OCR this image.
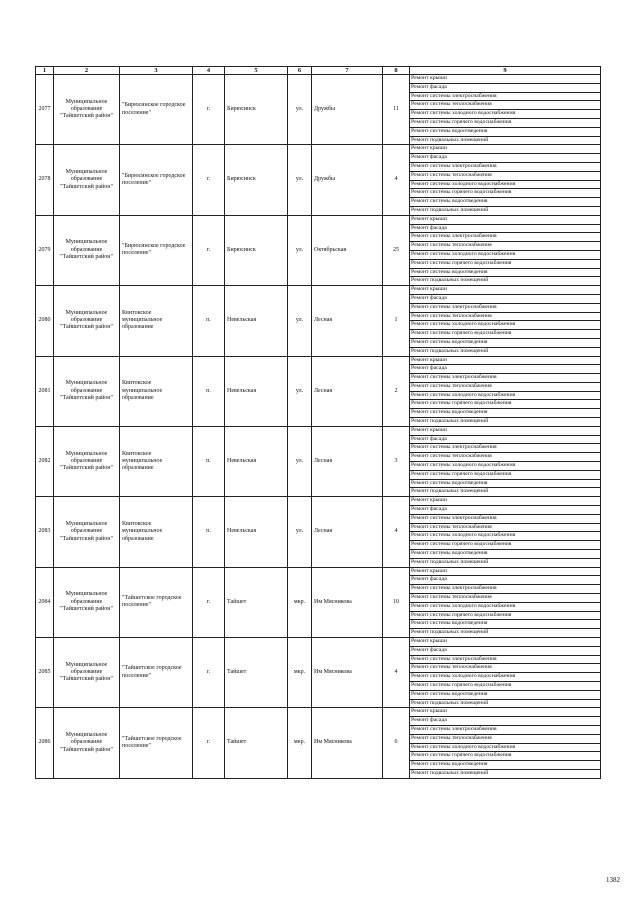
1	2	3	4	5	6	7	8	9
2077	Муниципальное образование "Тайшетский район"	"Бирюсинское городское поселение"	г.	Бирюсинск	ул.	Дружбы	11	Ремонт крыши
								Ремонт фасада
								Ремонт системы электроснабжения
								Ремонт системы теплоснабжения
								Ремонт системы холодного водоснабжения
								Ремонт системы горячего водоснабжения
								Ремонт системы водоотведения
								Ремонт подвальных помещений
2078	Муниципальное образование "Тайшетский район"	"Бирюсинское городское поселение"	г.	Бирюсинск	ул.	Дружбы	4	Ремонт крыши
								Ремонт фасада
								Ремонт системы электроснабжения
								Ремонт системы теплоснабжения
								Ремонт системы холодного водоснабжения
								Ремонт системы горячего водоснабжения
								Ремонт системы водоотведения
								Ремонт подвальных помещений
2079	Муниципальное образование "Тайшетский район"	"Бирюсинское городское поселение"	г.	Бирюсинск	ул.	Октябрьская	25	Ремонт крыши
								Ремонт фасада
								Ремонт системы электроснабжения
								Ремонт системы теплоснабжения
								Ремонт системы холодного водоснабжения
								Ремонт системы горячего водоснабжения
								Ремонт системы водоотведения
								Ремонт подвальных помещений
2080	Муниципальное образование "Тайшетский район"	Квитокское муниципальное образование	п.	Невельская	ул.	Лесная	1	Ремонт крыши
								Ремонт фасада
								Ремонт системы электроснабжения
								Ремонт системы теплоснабжения
								Ремонт системы холодного водоснабжения
								Ремонт системы горячего водоснабжения
								Ремонт системы водоотведения
								Ремонт подвальных помещений
2081	Муниципальное образование "Тайшетский район"	Квитокское муниципальное образование	п.	Невельская	ул.	Лесная	2	Ремонт крыши
								Ремонт фасада
								Ремонт системы электроснабжения
								Ремонт системы теплоснабжения
								Ремонт системы холодного водоснабжения
								Ремонт системы горячего водоснабжения
								Ремонт системы водоотведения
								Ремонт подвальных помещений
2082	Муниципальное образование "Тайшетский район"	Квитокское муниципальное образование	п.	Невельская	ул.	Лесная	3	Ремонт крыши
								Ремонт фасада
								Ремонт системы электроснабжения
								Ремонт системы теплоснабжения
								Ремонт системы холодного водоснабжения
								Ремонт системы горячего водоснабжения
								Ремонт системы водоотведения
								Ремонт подвальных помещений
2083	Муниципальное образование "Тайшетский район"	Квитокское муниципальное образование	п.	Невельская	ул.	Лесная	4	Ремонт крыши
								Ремонт фасада
								Ремонт системы электроснабжения
								Ремонт системы теплоснабжения
								Ремонт системы холодного водоснабжения
								Ремонт системы горячего водоснабжения
								Ремонт системы водоотведения
								Ремонт подвальных помещений
2084	Муниципальное образование "Тайшетский район"	"Тайшетское городское поселение"	г.	Тайшет	мкр.	Им Мясникова	10	Ремонт крыши
								Ремонт фасада
								Ремонт системы электроснабжения
								Ремонт системы теплоснабжения
								Ремонт системы холодного водоснабжения
								Ремонт системы горячего водоснабжения
								Ремонт системы водоотведения
								Ремонт подвальных помещений
2085	Муниципальное образование "Тайшетский район"	"Тайшетское городское поселение"	г.	Тайшет	мкр.	Им Мясникова	4	Ремонт крыши
								Ремонт фасада
								Ремонт системы электроснабжения
								Ремонт системы теплоснабжения
								Ремонт системы холодного водоснабжения
								Ремонт системы горячего водоснабжения
								Ремонт системы водоотведения
								Ремонт подвальных помещений
2086	Муниципальное образование "Тайшетский район"	"Тайшетское городское поселение"	г.	Тайшет	мкр.	Им Мясникова	6	Ремонт крыши
								Ремонт фасада
								Ремонт системы электроснабжения
								Ремонт системы теплоснабжения
								Ремонт системы холодного водоснабжения
								Ремонт системы горячего водоснабжения
								Ремонт системы водоотведения
								Ремонт подвальных помещений
1382
